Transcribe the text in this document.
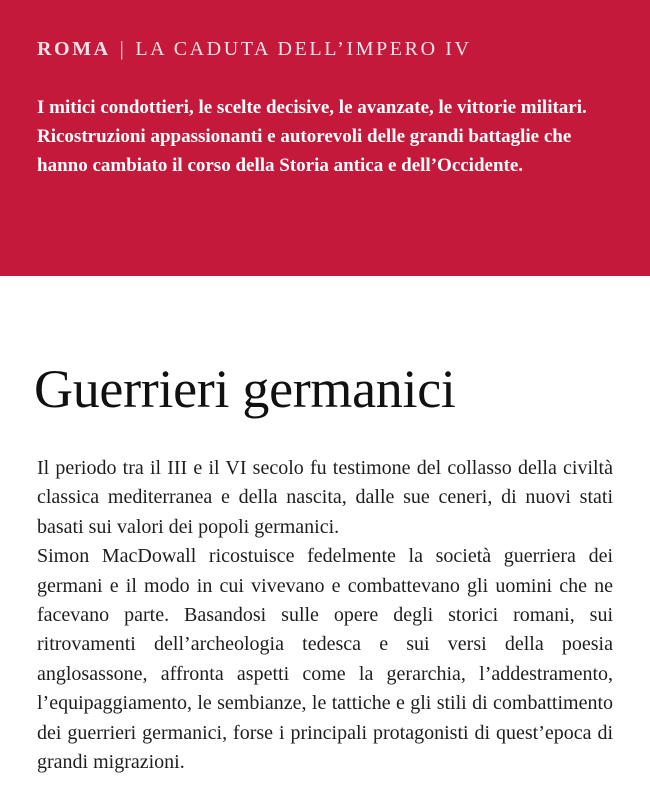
ROMA | LA CADUTA DELL’IMPERO IV

I mitici condottieri, le scelte decisive, le avanzate, le vittorie militari.

Ricostruzioni appassionanti e autorevoli delle grandi battaglie che

hanno cambiato il corso della Storia antica e dell’Occidente.

Guerrieri germanici

Il periodo tra il III e il VI secolo fu testimone del collasso della civiltà classica mediterranea e della nascita, dalle sue ceneri, di nuovi stati basati sui valori dei popoli germanici.

Simon MacDowall ricostuisce fedelmente la società guerriera dei germani e il modo in cui vivevano e combattevano gli uomini che ne facevano parte. Basandosi sulle opere degli storici romani, sui ritrovamenti dell’archeologia tedesca e sui versi della poesia anglosassone, affronta aspetti come la gerarchia, l’addestramento, l’equipaggiamento, le sembianze, le tattiche e gli stili di combattimento dei guerrieri germanici, forse i principali protagonisti di quest’epoca di grandi migrazioni.
